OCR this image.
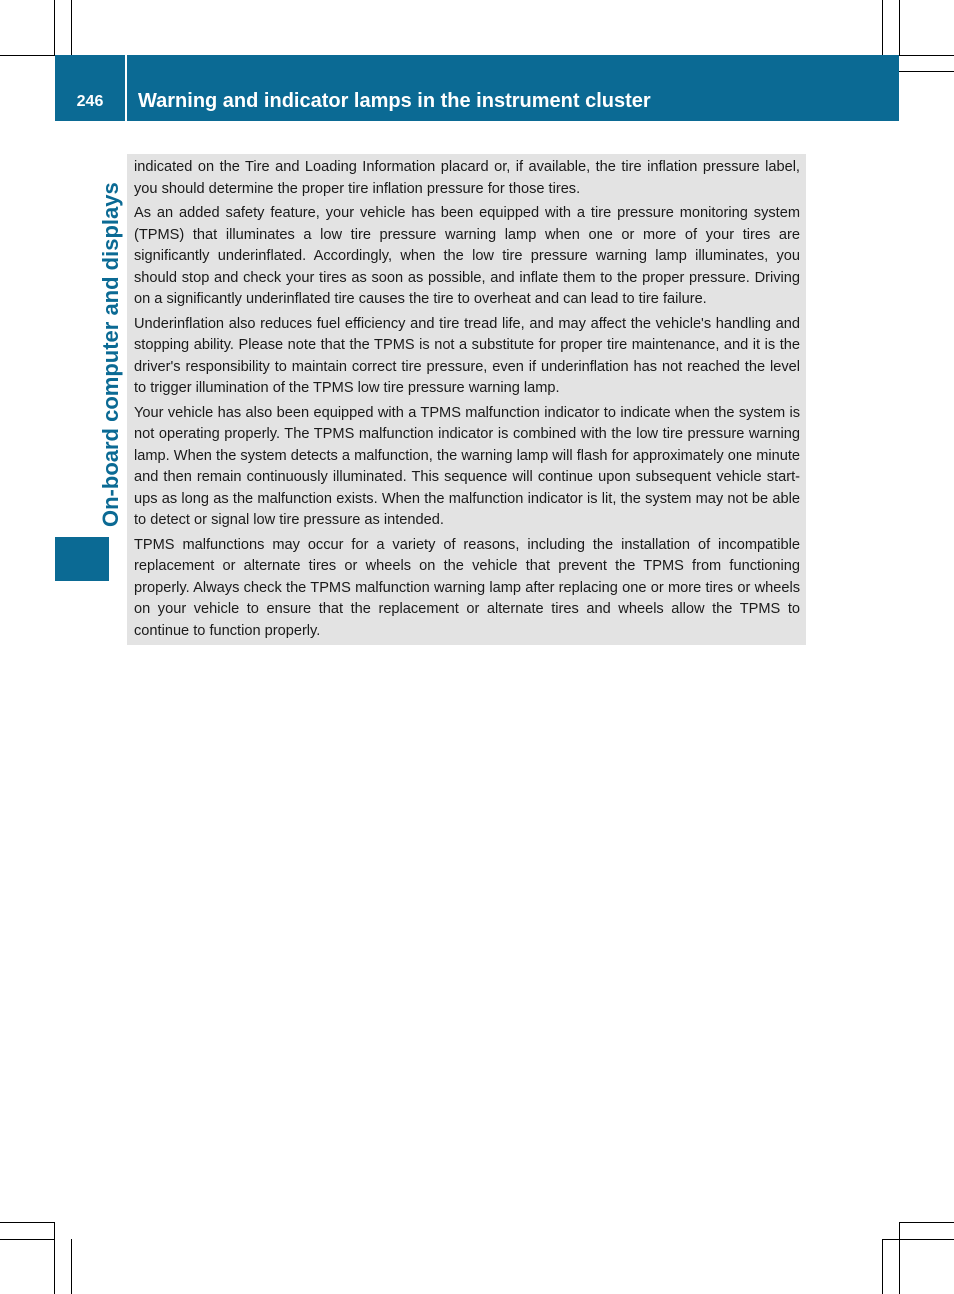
246	Warning and indicator lamps in the instrument cluster
On-board computer and displays

indicated on the Tire and Loading Information placard or, if available, the tire inflation pressure label, you should determine the proper tire inflation pressure for those tires.

As an added safety feature, your vehicle has been equipped with a tire pressure monitoring system (TPMS) that illuminates a low tire pressure warning lamp when one or more of your tires are significantly underinflated. Accordingly, when the low tire pressure warning lamp illuminates, you should stop and check your tires as soon as possible, and inflate them to the proper pressure. Driving on a significantly underinflated tire causes the tire to overheat and can lead to tire failure.

Underinflation also reduces fuel efficiency and tire tread life, and may affect the vehicle's handling and stopping ability. Please note that the TPMS is not a substitute for proper tire maintenance, and it is the driver's responsibility to maintain correct tire pressure, even if underinflation has not reached the level to trigger illumination of the TPMS low tire pressure warning lamp.

Your vehicle has also been equipped with a TPMS malfunction indicator to indicate when the system is not operating properly. The TPMS malfunction indicator is combined with the low tire pressure warning lamp. When the system detects a malfunction, the warning lamp will flash for approximately one minute and then remain continuously illuminated. This sequence will continue upon subsequent vehicle start-ups as long as the malfunction exists. When the malfunction indicator is lit, the system may not be able to detect or signal low tire pressure as intended.

TPMS malfunctions may occur for a variety of reasons, including the installation of incompatible replacement or alternate tires or wheels on the vehicle that prevent the TPMS from functioning properly. Always check the TPMS malfunction warning lamp after replacing one or more tires or wheels on your vehicle to ensure that the replacement or alternate tires and wheels allow the TPMS to continue to function properly.
